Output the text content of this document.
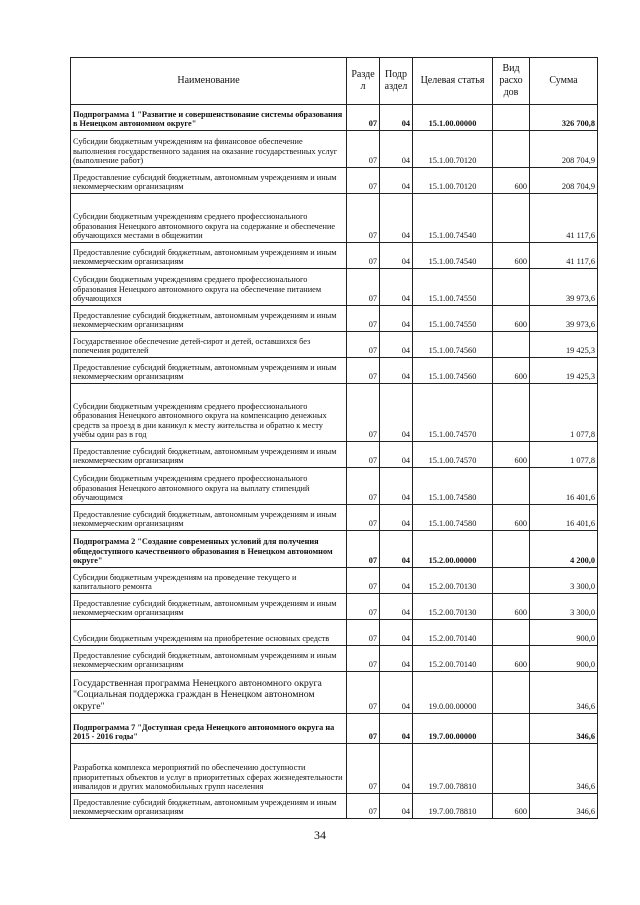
Наименование	Разде л	Подр аздел	Целевая статья	Вид расхо дов	Сумма
Подпрограмма 1 "Развитие и совершенствование системы образования в Ненецком автономном округе"	07	04	15.1.00.00000		326 700,8
Субсидии бюджетным учреждениям на финансовое обеспечение выполнения государственного задания на оказание государственных услуг (выполнение работ)	07	04	15.1.00.70120		208 704,9
Предоставление субсидий бюджетным, автономным учреждениям и иным некоммерческим организациям	07	04	15.1.00.70120	600	208 704,9
Субсидии бюджетным учреждениям среднего профессионального образования Ненецкого автономного округа на содержание и обеспечение обучающихся местами в общежитии	07	04	15.1.00.74540		41 117,6
Предоставление субсидий бюджетным, автономным учреждениям и иным некоммерческим организациям	07	04	15.1.00.74540	600	41 117,6
Субсидии бюджетным учреждениям среднего профессионального образования Ненецкого автономного округа на обеспечение питанием обучающихся	07	04	15.1.00.74550		39 973,6
Предоставление субсидий бюджетным, автономным учреждениям и иным некоммерческим организациям	07	04	15.1.00.74550	600	39 973,6
Государственное обеспечение детей-сирот и детей, оставшихся без попечения родителей	07	04	15.1.00.74560		19 425,3
Предоставление субсидий бюджетным, автономным учреждениям и иным некоммерческим организациям	07	04	15.1.00.74560	600	19 425,3
Субсидии бюджетным учреждениям среднего профессионального образования Ненецкого автономного округа на компенсацию денежных средств за проезд в дни каникул к месту жительства и обратно к месту учёбы один раз в год	07	04	15.1.00.74570		1 077,8
Предоставление субсидий бюджетным, автономным учреждениям и иным некоммерческим организациям	07	04	15.1.00.74570	600	1 077,8
Субсидии бюджетным учреждениям среднего профессионального образования Ненецкого автономного округа на выплату стипендий обучающимся	07	04	15.1.00.74580		16 401,6
Предоставление субсидий бюджетным, автономным учреждениям и иным некоммерческим организациям	07	04	15.1.00.74580	600	16 401,6
Подпрограмма 2 "Создание современных условий для получения общедоступного качественного образования в Ненецком автономном округе"	07	04	15.2.00.00000		4 200,0
Субсидии бюджетным учреждениям на проведение текущего и капитального ремонта	07	04	15.2.00.70130		3 300,0
Предоставление субсидий бюджетным, автономным учреждениям и иным некоммерческим организациям	07	04	15.2.00.70130	600	3 300,0
Субсидии бюджетным учреждениям на приобретение основных средств	07	04	15.2.00.70140		900,0
Предоставление субсидий бюджетным, автономным учреждениям и иным некоммерческим организациям	07	04	15.2.00.70140	600	900,0
Государственная программа Ненецкого автономного округа "Социальная поддержка граждан в Ненецком автономном округе"	07	04	19.0.00.00000		346,6
Подпрограмма 7 "Доступная среда Ненецкого автономного округа на 2015 - 2016 годы"	07	04	19.7.00.00000		346,6
Разработка комплекса мероприятий по обеспечению доступности приоритетных объектов и услуг в приоритетных сферах жизнедеятельности инвалидов и других маломобильных групп населения	07	04	19.7.00.78810		346,6
Предоставление субсидий бюджетным, автономным учреждениям и иным некоммерческим организациям	07	04	19.7.00.78810	600	346,6
34
